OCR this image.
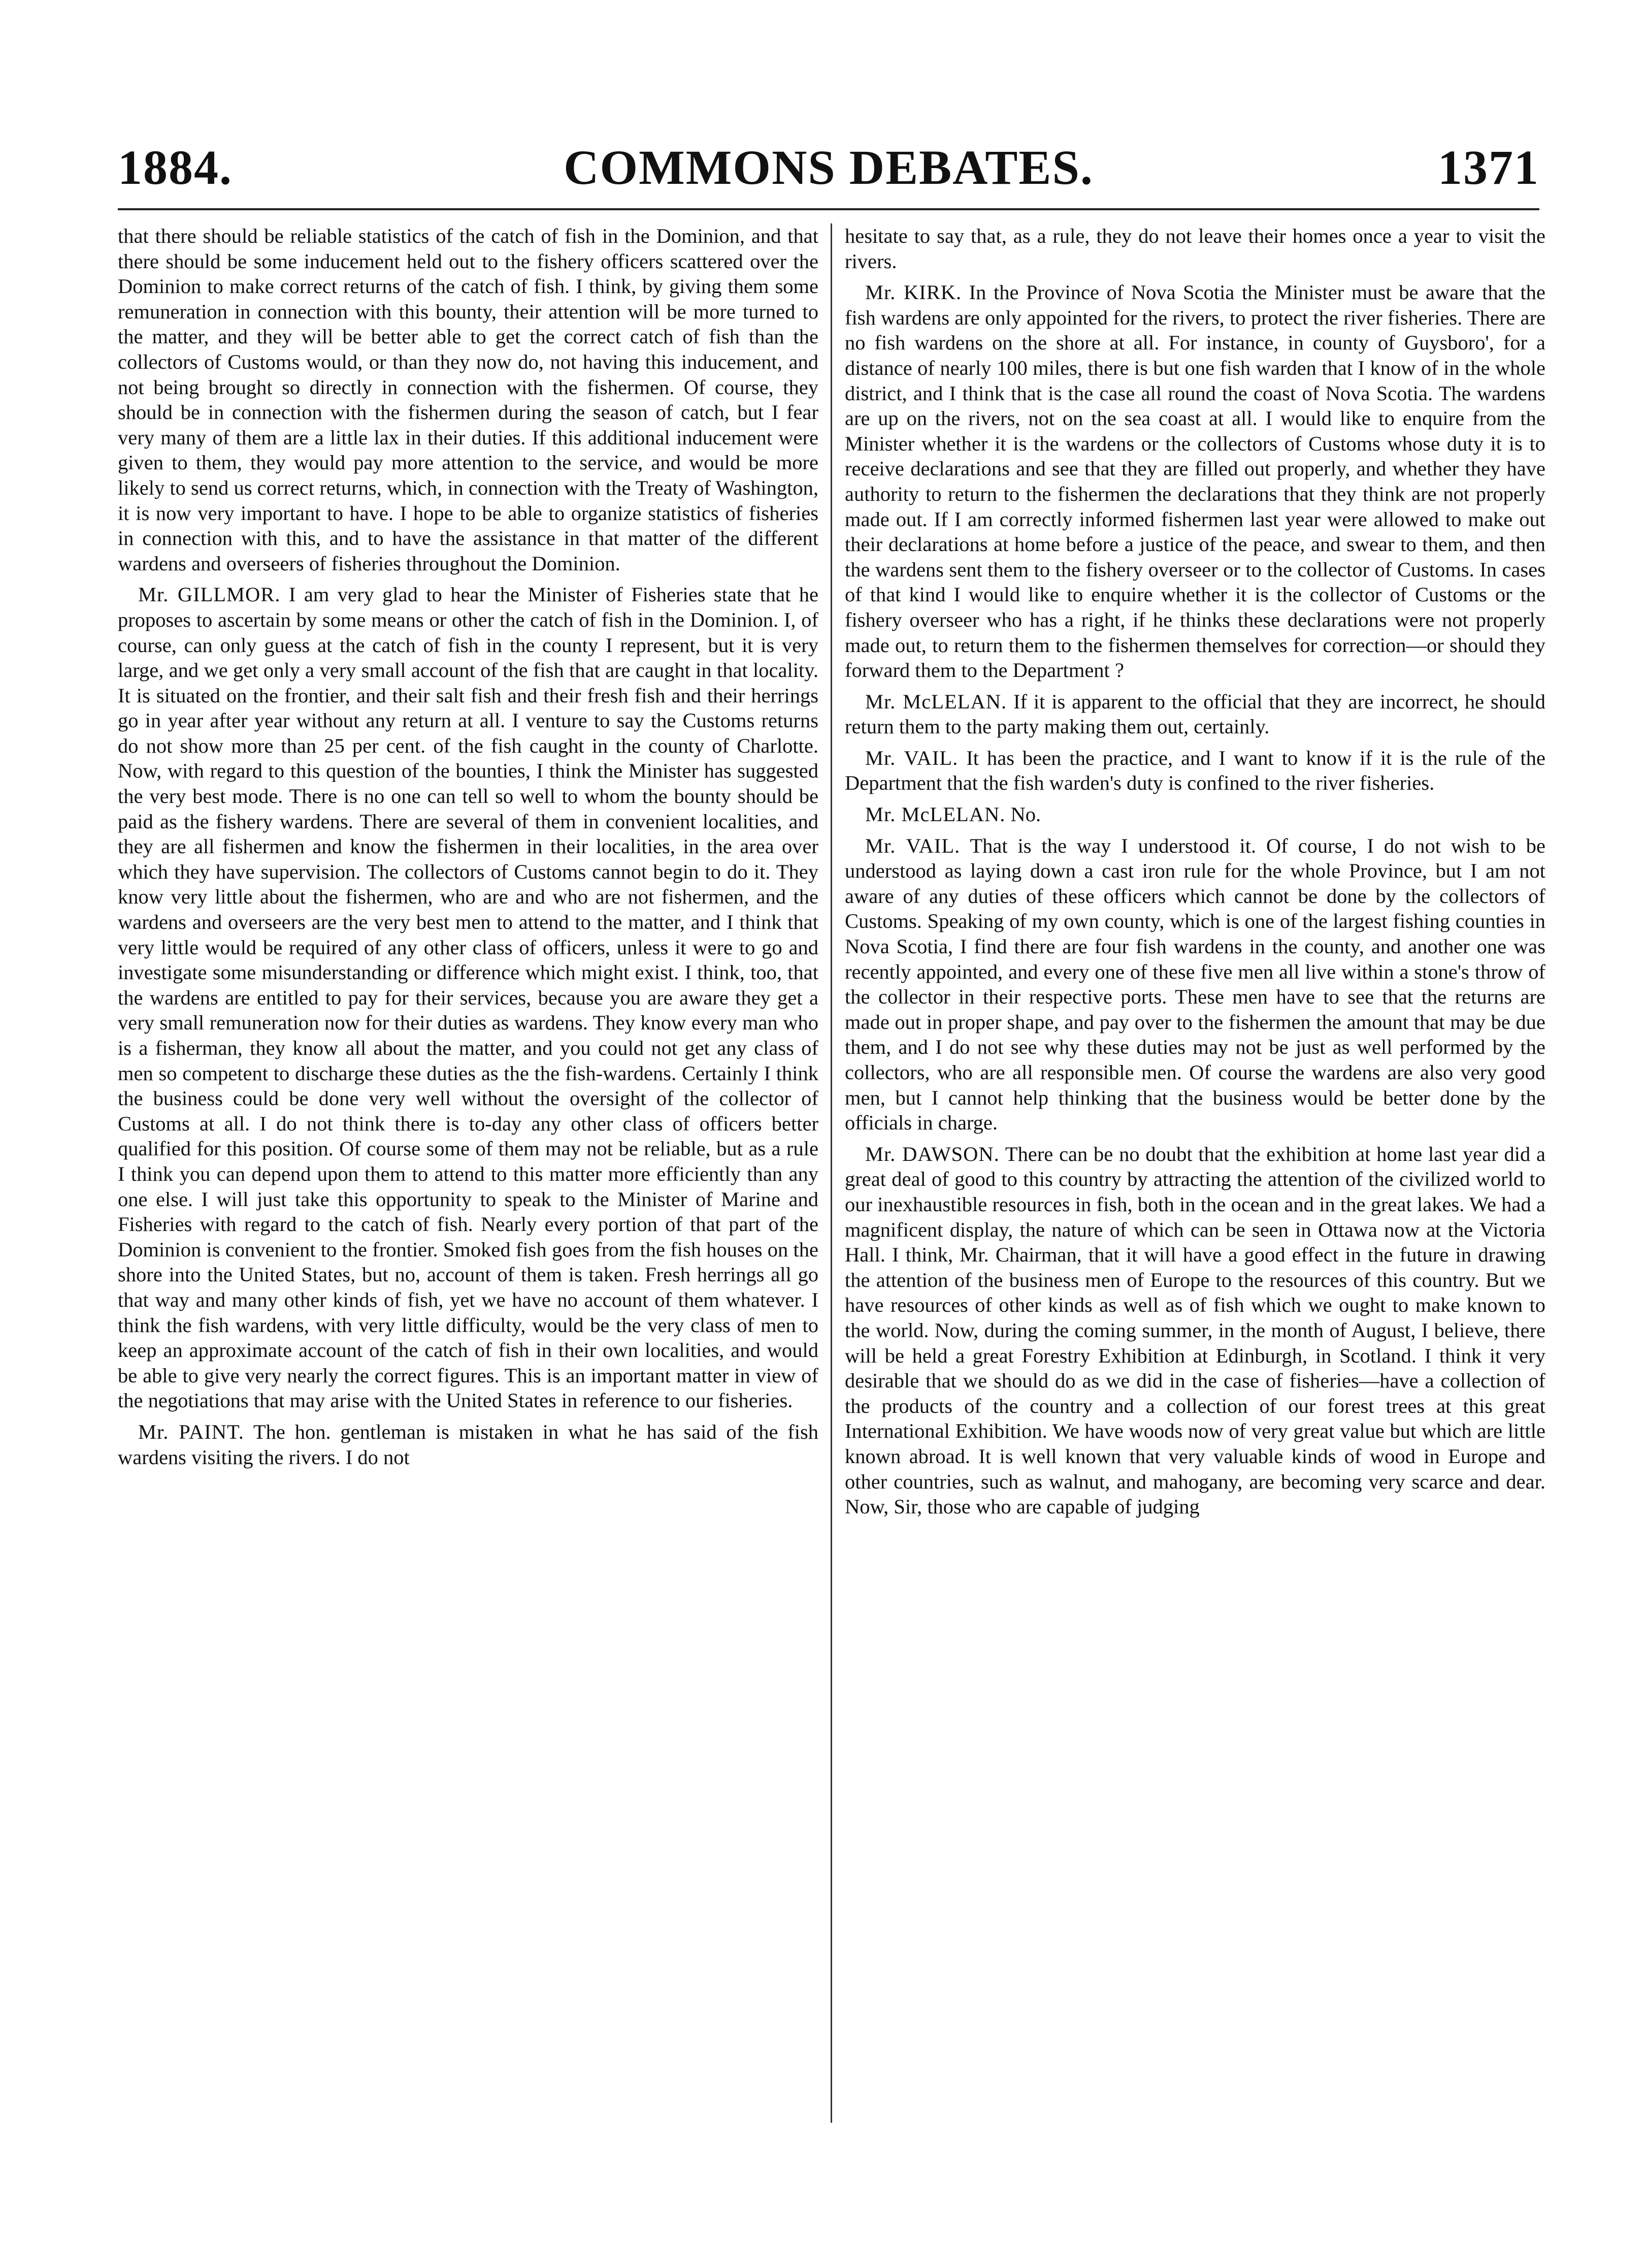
COMMONS DEBATES.
1884.	1371

that there should be reliable statistics of the catch of fish in the Dominion, and that there should be some inducement held out to the fishery officers scattered over the Dominion to make correct returns of the catch of fish. I think, by giving them some remuneration in connection with this bounty, their attention will be more turned to the matter, and they will be better able to get the correct catch of fish than the collectors of Customs would, or than they now do, not having this inducement, and not being brought so directly in connection with the fishermen. Of course, they should be in connection with the fishermen during the season of catch, but I fear very many of them are a little lax in their duties. If this additional inducement were given to them, they would pay more attention to the service, and would be more likely to send us correct returns, which, in connection with the Treaty of Washington, it is now very important to have. I hope to be able to organize statistics of fisheries in connection with this, and to have the assistance in that matter of the different wardens and overseers of fisheries throughout the Dominion.

Mr. GILLMOR. I am very glad to hear the Minister of Fisheries state that he proposes to ascertain by some means or other the catch of fish in the Dominion. I, of course, can only guess at the catch of fish in the county I represent, but it is very large, and we get only a very small account of the fish that are caught in that locality. It is situated on the frontier, and their salt fish and their fresh fish and their herrings go in year after year without any return at all. I venture to say the Customs returns do not show more than 25 per cent. of the fish caught in the county of Charlotte. Now, with regard to this question of the bounties, I think the Minister has suggested the very best mode. There is no one can tell so well to whom the bounty should be paid as the fishery wardens. There are several of them in convenient localities, and they are all fishermen and know the fishermen in their localities, in the area over which they have supervision. The collectors of Customs cannot begin to do it. They know very little about the fishermen, who are and who are not fishermen, and the wardens and overseers are the very best men to attend to the matter, and I think that very little would be required of any other class of officers, unless it were to go and investigate some misunderstanding or difference which might exist. I think, too, that the wardens are entitled to pay for their services, because you are aware they get a very small remuneration now for their duties as wardens. They know every man who is a fisherman, they know all about the matter, and you could not get any class of men so competent to discharge these duties as the the fish-wardens. Certainly I think the business could be done very well without the oversight of the collector of Customs at all. I do not think there is to-day any other class of officers better qualified for this position. Of course some of them may not be reliable, but as a rule I think you can depend upon them to attend to this matter more efficiently than any one else. I will just take this opportunity to speak to the Minister of Marine and Fisheries with regard to the catch of fish. Nearly every portion of that part of the Dominion is convenient to the frontier. Smoked fish goes from the fish houses on the shore into the United States, but no, account of them is taken. Fresh herrings all go that way and many other kinds of fish, yet we have no account of them whatever. I think the fish wardens, with very little difficulty, would be the very class of men to keep an approximate account of the catch of fish in their own localities, and would be able to give very nearly the correct figures. This is an important matter in view of the negotiations that may arise with the United States in reference to our fisheries.

Mr. PAINT. The hon. gentleman is mistaken in what he has said of the fish wardens visiting the rivers. I do not

hesitate to say that, as a rule, they do not leave their homes once a year to visit the rivers.

Mr. KIRK. In the Province of Nova Scotia the Minister must be aware that the fish wardens are only appointed for the rivers, to protect the river fisheries. There are no fish wardens on the shore at all. For instance, in county of Guysboro', for a distance of nearly 100 miles, there is but one fish warden that I know of in the whole district, and I think that is the case all round the coast of Nova Scotia. The wardens are up on the rivers, not on the sea coast at all. I would like to enquire from the Minister whether it is the wardens or the collectors of Customs whose duty it is to receive declarations and see that they are filled out properly, and whether they have authority to return to the fishermen the declarations that they think are not properly made out. If I am correctly informed fishermen last year were allowed to make out their declarations at home before a justice of the peace, and swear to them, and then the wardens sent them to the fishery overseer or to the collector of Customs. In cases of that kind I would like to enquire whether it is the collector of Customs or the fishery overseer who has a right, if he thinks these declarations were not properly made out, to return them to the fishermen themselves for correction—or should they forward them to the Department ?

Mr. McLELAN. If it is apparent to the official that they are incorrect, he should return them to the party making them out, certainly.

Mr. VAIL. It has been the practice, and I want to know if it is the rule of the Department that the fish warden's duty is confined to the river fisheries.

Mr. McLELAN. No.

Mr. VAIL. That is the way I understood it. Of course, I do not wish to be understood as laying down a cast iron rule for the whole Province, but I am not aware of any duties of these officers which cannot be done by the collectors of Customs. Speaking of my own county, which is one of the largest fishing counties in Nova Scotia, I find there are four fish wardens in the county, and another one was recently appointed, and every one of these five men all live within a stone's throw of the collector in their respective ports. These men have to see that the returns are made out in proper shape, and pay over to the fishermen the amount that may be due them, and I do not see why these duties may not be just as well performed by the collectors, who are all responsible men. Of course the wardens are also very good men, but I cannot help thinking that the business would be better done by the officials in charge.

Mr. DAWSON. There can be no doubt that the exhibition at home last year did a great deal of good to this country by attracting the attention of the civilized world to our inexhaustible resources in fish, both in the ocean and in the great lakes. We had a magnificent display, the nature of which can be seen in Ottawa now at the Victoria Hall. I think, Mr. Chairman, that it will have a good effect in the future in drawing the attention of the business men of Europe to the resources of this country. But we have resources of other kinds as well as of fish which we ought to make known to the world. Now, during the coming summer, in the month of August, I believe, there will be held a great Forestry Exhibition at Edinburgh, in Scotland. I think it very desirable that we should do as we did in the case of fisheries—have a collection of the products of the country and a collection of our forest trees at this great International Exhibition. We have woods now of very great value but which are little known abroad. It is well known that very valuable kinds of wood in Europe and other countries, such as walnut, and mahogany, are becoming very scarce and dear. Now, Sir, those who are capable of judging
